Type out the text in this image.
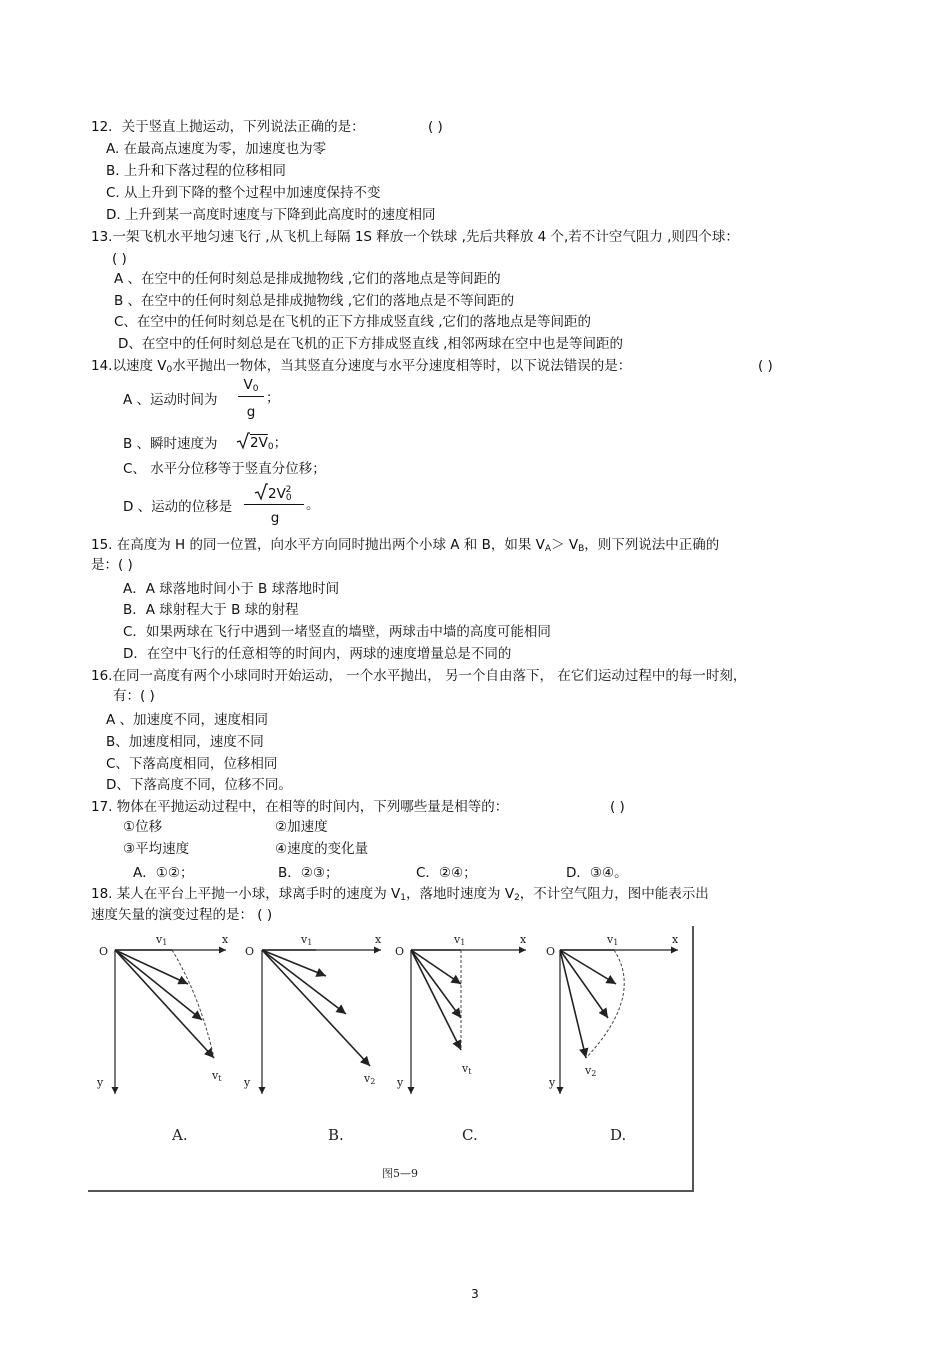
12．关于竖直上抛运动，下列说法正确的是：	( )
A. 在最高点速度为零，加速度也为零
B. 上升和下落过程的位移相同
C. 从上升到下降的整个过程中加速度保持不变
D. 上升到某一高度时速度与下降到此高度时的速度相同
13.一架飞机水平地匀速飞行 ,从飞机上每隔 1S 释放一个铁球 ,先后共释放 4 个,若不计空气阻力 ,则四个球：
( )
A 、在空中的任何时刻总是排成抛物线 ,它们的落地点是等间距的
B 、在空中的任何时刻总是排成抛物线 ,它们的落地点是不等间距的
C、在空中的任何时刻总是在飞机的正下方排成竖直线 ,它们的落地点是等间距的
D、在空中的任何时刻总是在飞机的正下方排成竖直线 ,相邻两球在空中也是等间距的
14.以速度 $V_0$水平抛出一物体，当其竖直分速度与水平分速度相等时，以下说法错误的是：	( )
A 、运动时间为
$V_0$
g
；
B 、瞬时速度为	$2V_0$；
C、 水平分位移等于竖直分位移；
D 、运动的位移是
$2V_0^2$
g
。
15. 在高度为 H 的同一位置，向水平方向同时抛出两个小球 A 和 B，如果 $V_A> V_B$，则下列说法中正确的
是：( )
A．A 球落地时间小于 B 球落地时间
B．A 球射程大于 B 球的射程
C．如果两球在飞行中遇到一堵竖直的墙壁，两球击中墙的高度可能相同
D．在空中飞行的任意相等的时间内，两球的速度增量总是不同的
16.在同一高度有两个小球同时开始运动， 一个水平抛出， 另一个自由落下， 在它们运动过程中的每一时刻，
有：( )
A 、加速度不同，速度相同
B、加速度相同，速度不同
C、下落高度相同，位移相同
D、下落高度不同，位移不同。
17. 物体在平抛运动过程中，在相等的时间内，下列哪些量是相等的：	( )
①位移	②加速度
③平均速度	④速度的变化量
A．①②；	B．②③；	C．②④；	D．③④。
18. 某人在平台上平抛一小球，球离手时的速度为 $V_1$，落地时速度为 $V_2$，不计空气阻力，图中能表示出
速度矢量的演变过程的是： ( )
O
x
y
v1
vt
A.
O
x
y
v1
v2
B.
O
x
y
v1
vt
C.
O
x
y
v1
v2
D.
图5—9
3
